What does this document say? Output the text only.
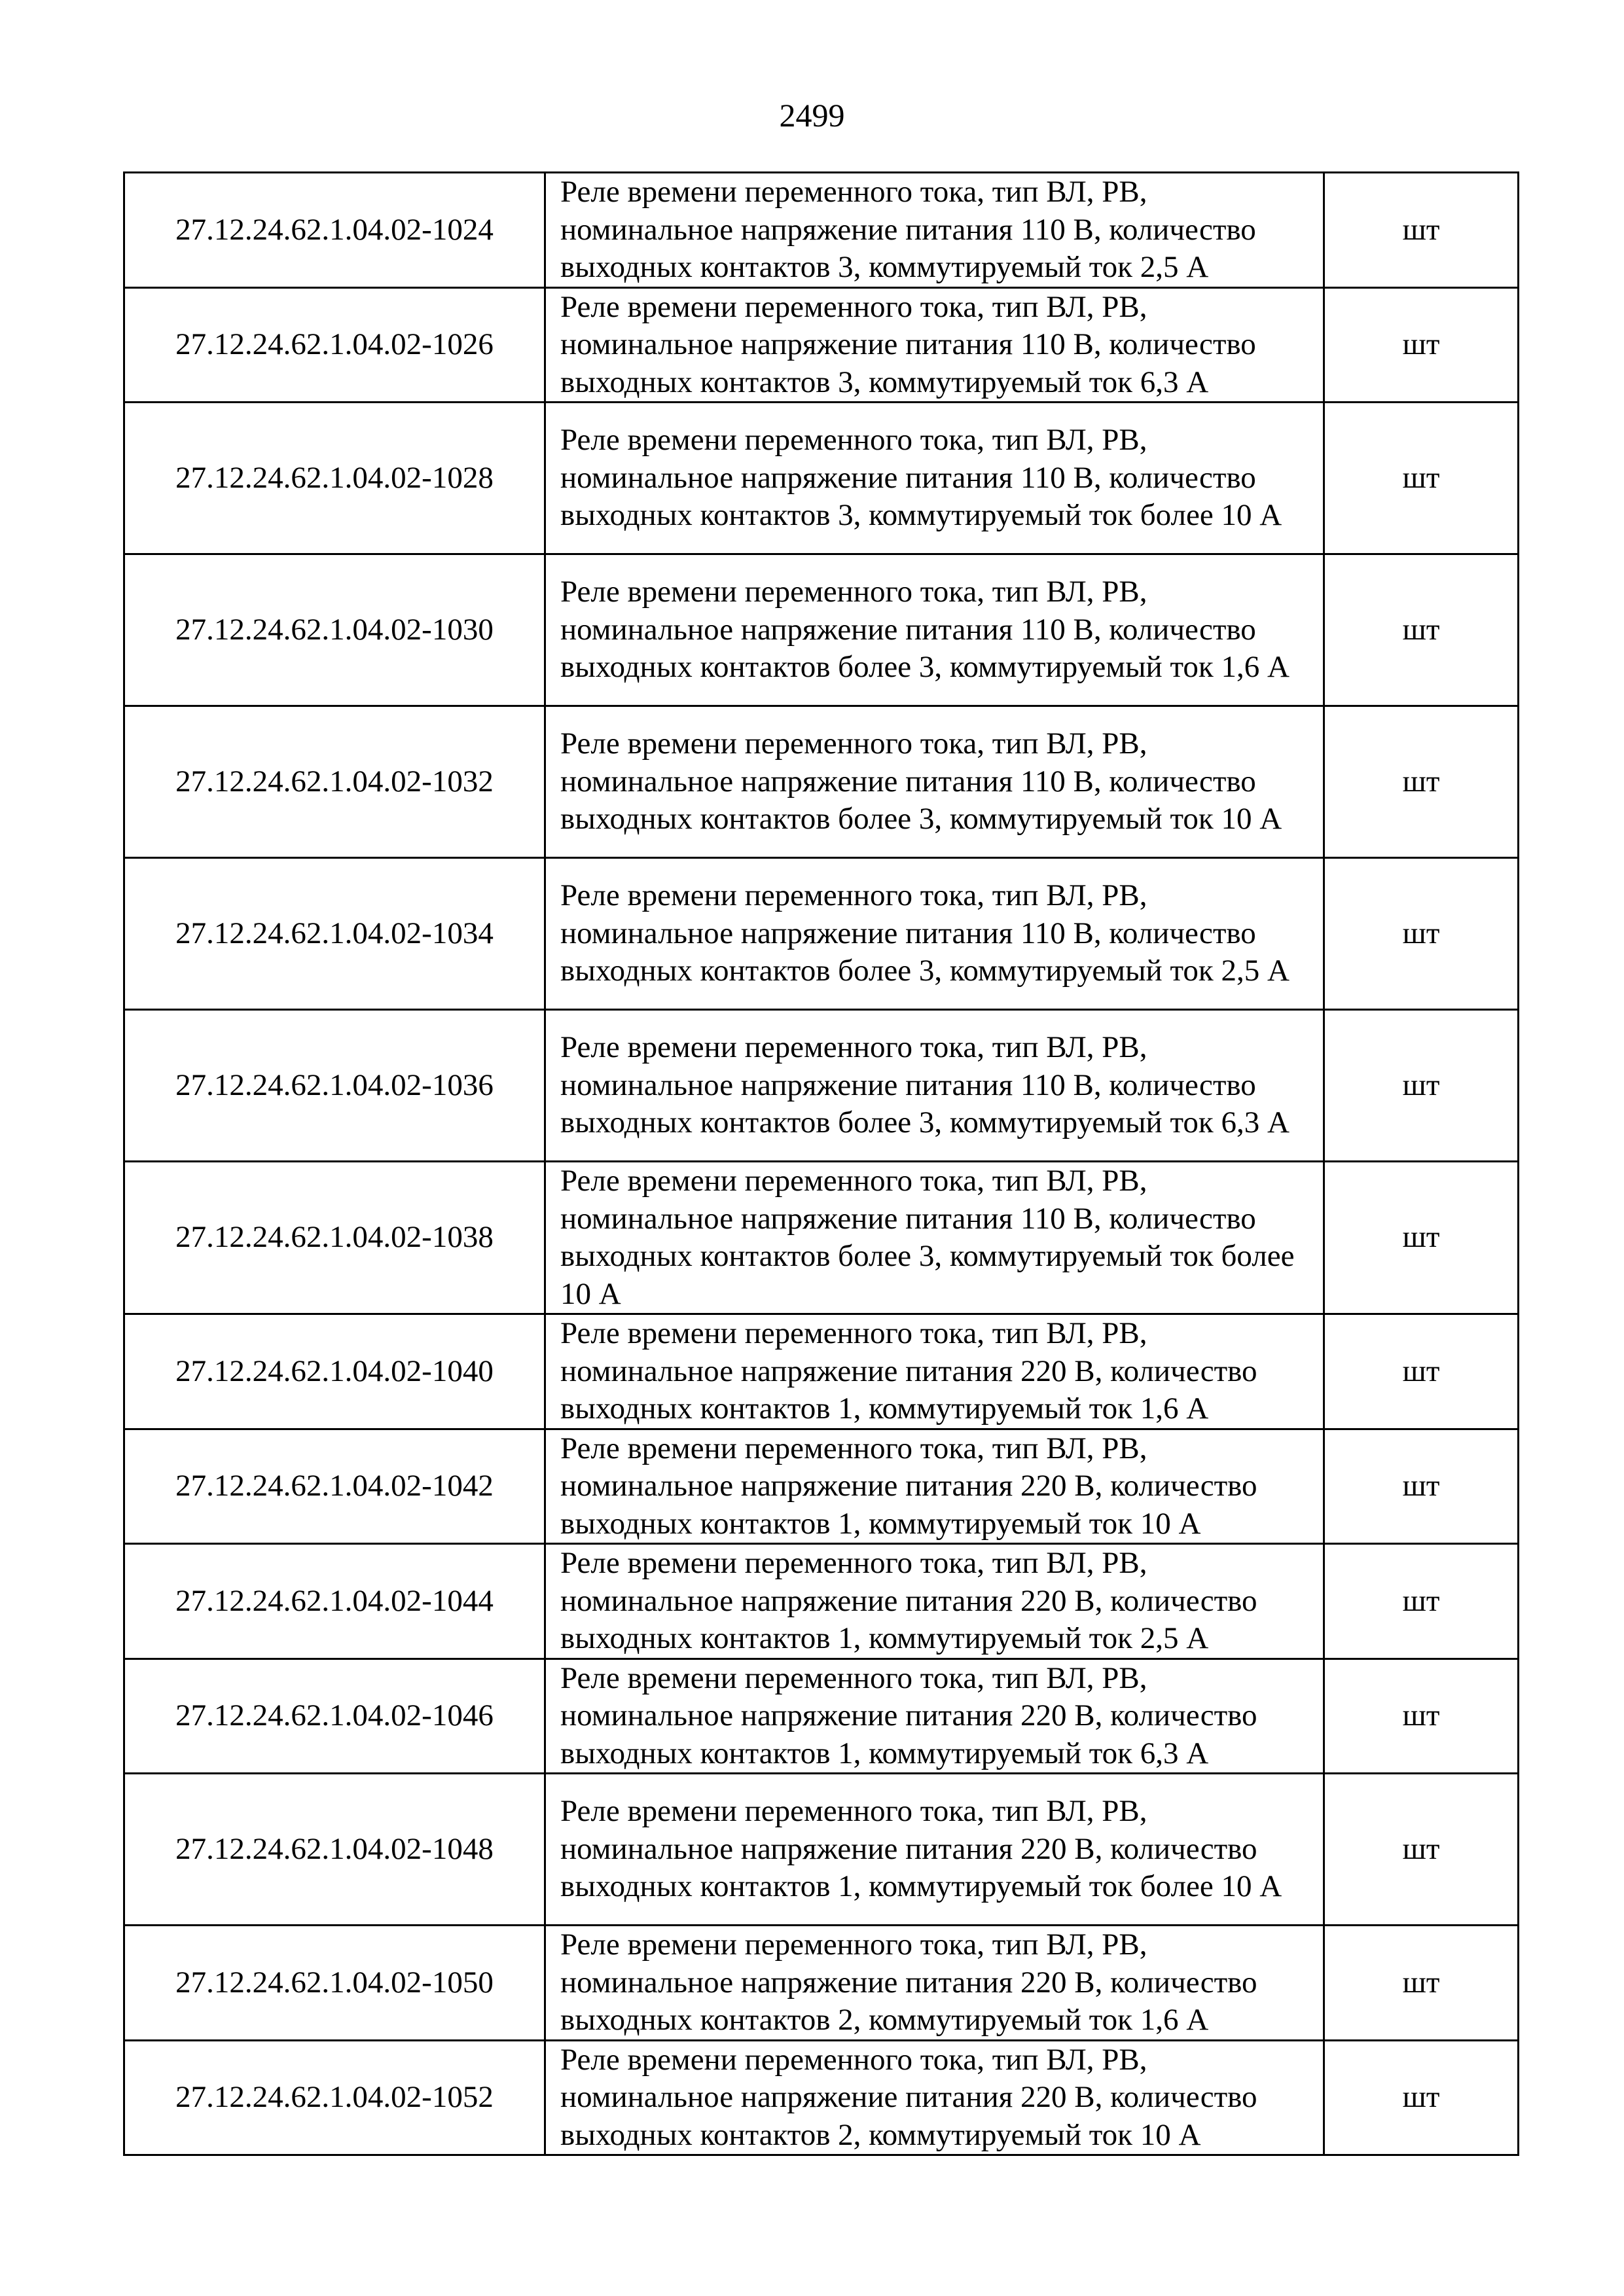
2499
27.12.24.62.1.04.02-1024	Реле времени переменного тока, тип ВЛ, РВ, номинальное напряжение питания 110 В, количество выходных контактов 3, коммутируемый ток 2,5 А	шт
27.12.24.62.1.04.02-1026	Реле времени переменного тока, тип ВЛ, РВ, номинальное напряжение питания 110 В, количество выходных контактов 3, коммутируемый ток 6,3 А	шт
27.12.24.62.1.04.02-1028	Реле времени переменного тока, тип ВЛ, РВ, номинальное напряжение питания 110 В, количество выходных контактов 3, коммутируемый ток более 10 А	шт
27.12.24.62.1.04.02-1030	Реле времени переменного тока, тип ВЛ, РВ, номинальное напряжение питания 110 В, количество выходных контактов более 3, коммутируемый ток 1,6 А	шт
27.12.24.62.1.04.02-1032	Реле времени переменного тока, тип ВЛ, РВ, номинальное напряжение питания 110 В, количество выходных контактов более 3, коммутируемый ток 10 А	шт
27.12.24.62.1.04.02-1034	Реле времени переменного тока, тип ВЛ, РВ, номинальное напряжение питания 110 В, количество выходных контактов более 3, коммутируемый ток 2,5 А	шт
27.12.24.62.1.04.02-1036	Реле времени переменного тока, тип ВЛ, РВ, номинальное напряжение питания 110 В, количество выходных контактов более 3, коммутируемый ток 6,3 А	шт
27.12.24.62.1.04.02-1038	Реле времени переменного тока, тип ВЛ, РВ, номинальное напряжение питания 110 В, количество выходных контактов более 3, коммутируемый ток более 10 А	шт
27.12.24.62.1.04.02-1040	Реле времени переменного тока, тип ВЛ, РВ, номинальное напряжение питания 220 В, количество выходных контактов 1, коммутируемый ток 1,6 А	шт
27.12.24.62.1.04.02-1042	Реле времени переменного тока, тип ВЛ, РВ, номинальное напряжение питания 220 В, количество выходных контактов 1, коммутируемый ток 10 А	шт
27.12.24.62.1.04.02-1044	Реле времени переменного тока, тип ВЛ, РВ, номинальное напряжение питания 220 В, количество выходных контактов 1, коммутируемый ток 2,5 А	шт
27.12.24.62.1.04.02-1046	Реле времени переменного тока, тип ВЛ, РВ, номинальное напряжение питания 220 В, количество выходных контактов 1, коммутируемый ток 6,3 А	шт
27.12.24.62.1.04.02-1048	Реле времени переменного тока, тип ВЛ, РВ, номинальное напряжение питания 220 В, количество выходных контактов 1, коммутируемый ток более 10 А	шт
27.12.24.62.1.04.02-1050	Реле времени переменного тока, тип ВЛ, РВ, номинальное напряжение питания 220 В, количество выходных контактов 2, коммутируемый ток 1,6 А	шт
27.12.24.62.1.04.02-1052	Реле времени переменного тока, тип ВЛ, РВ, номинальное напряжение питания 220 В, количество выходных контактов 2, коммутируемый ток 10 А	шт
